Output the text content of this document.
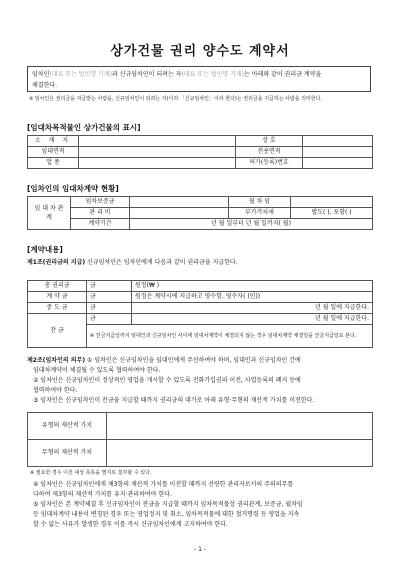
상가건물 권리 양수도 계약서
임차인(대표 또는 법인명 기재)과 신규임차인이 되려는 자(대표 또는 법인명 기재)는 아래와 같이 권리금 계약을
체결한다.
※ 임차인은 권리금을 지급받는 사람을, 신규임차인이 되려는 자(이하 「신규임차인」이라 한다)는 권리금을 지급하는 사람을 의미한다.
[임대차목적물인 상가건물의 표시]
소 재 지		상 호	
임대면적		전용면적	
업 종		허가(등록)번호	
[임차인의 임대차계약 현황]
임 대 차 관 계	임차보증금		월 차 임	
	관 리 비		부가가치세	별도( ), 포함( )
	계약기간	년 월 일부터 년 월 일까지( 월)		
[계약내용]
제1조(권리금의 지급) 신규임차인은 임차인에게 다음과 같이 권리금을 지급한다.
총 권리금	금	원정(₩ )
계 약 금	금	원정은 계약시에 지급하고 영수함. 영수자( (인))
중 도 금	금	년 월 일에 지급한다.
잔 금	금	년 월 일에 지급한다.
	※ 잔금지급일까지 임대인과 신규임차인 사이에 임대차계약이 체결되지 않는 경우 임대차계약 체결일을 잔금지급일로 본다.	
제2조(임차인의 의무) ① 임차인은 신규임차인을 임대인에게 주선하여야 하며, 임대인과 신규임차인 간에
임대차계약이 체결될 수 있도록 협력하여야 한다.
② 임차인은 신규임차인이 정상적인 영업을 개시할 수 있도록 전화가입권의 이전, 사업등록의 폐지 등에
협력하여야 한다.
③ 임차인은 신규임차인이 잔금을 지급할 때까지 권리금의 대가로 아래 유형·무형의 재산적 가치를 이전한다.
유형의 재산적 가치	
무형의 재산적 가치	
※ 필요한 경우 이전 대상 목록을 별지로 첨부할 수 있다.
④ 임차인은 신규임차인에게 제3항의 재산적 가치를 이전할 때까지 선량한 관리자로서의 주의의무를
다하여 제3항의 재산적 가치를 유지·관리하여야 한다.
⑤ 임차인은 본 계약체결 후 신규임차인이 잔금을 지급할 때까지 임차목적물상 권리관계, 보증금, 월차임
등 임대차계약 내용이 변경된 경우 또는 영업정지 및 취소, 임차목적물에 대한 철거명령 등 영업을 지속
할 수 없는 사유가 발생한 경우 이를 즉시 신규임차인에게 고지하여야 한다.
- 1 -
